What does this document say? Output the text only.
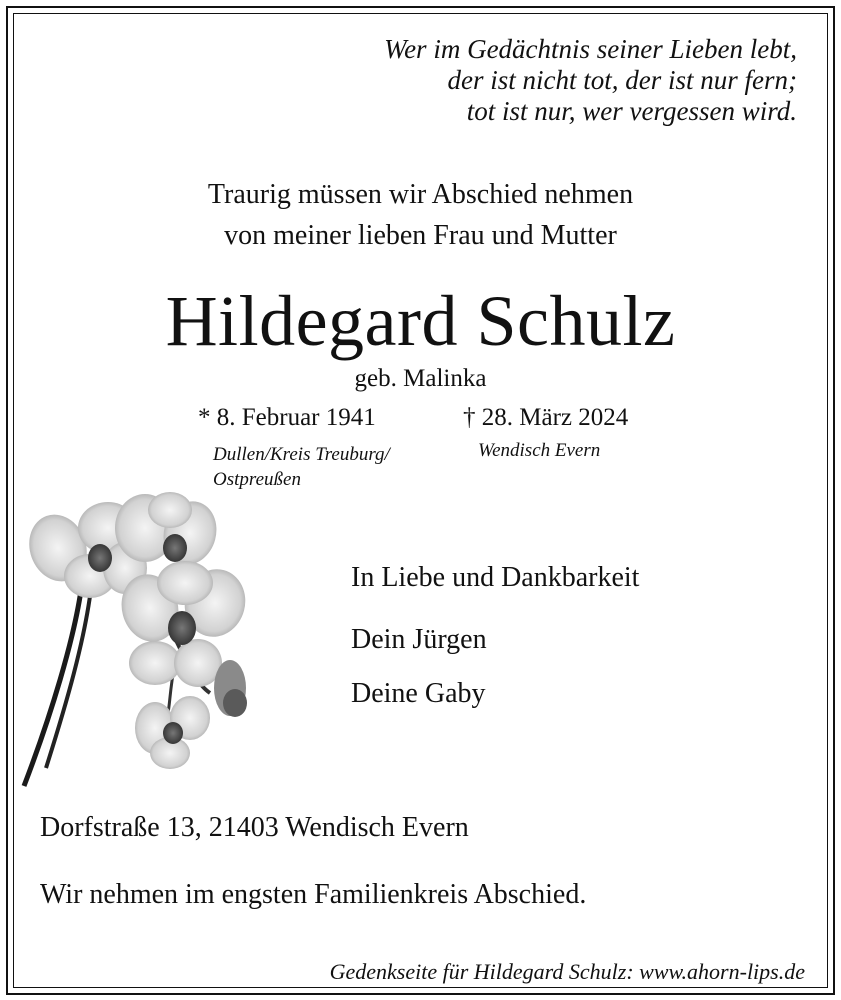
Wer im Gedächtnis seiner Lieben lebt,
der ist nicht tot, der ist nur fern;
tot ist nur, wer vergessen wird.
Traurig müssen wir Abschied nehmen
von meiner lieben Frau und Mutter
Hildegard Schulz
geb. Malinka
* 8. Februar 1941	† 28. März 2024
Dullen/Kreis Treuburg/ Ostpreußen
Wendisch Evern
In Liebe und Dankbarkeit
Dein Jürgen
Deine Gaby
Dorfstraße 13, 21403 Wendisch Evern
Wir nehmen im engsten Familienkreis Abschied.
Gedenkseite für Hildegard Schulz: www.ahorn-lips.de
